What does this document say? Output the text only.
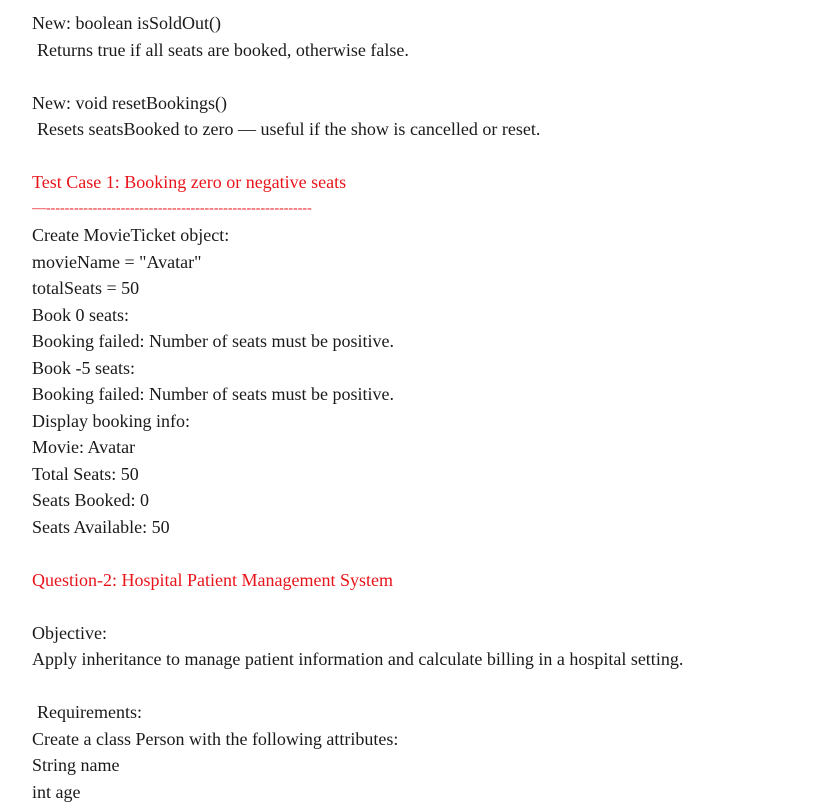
New: boolean isSoldOut()
Returns true if all seats are booked, otherwise false.
New: void resetBookings()
Resets seatsBooked to zero — useful if the show is cancelled or reset.
Test Case 1: Booking zero or negative seats
—---------------------------------------------------------
Create MovieTicket object:
movieName = "Avatar"
totalSeats = 50
Book 0 seats:
Booking failed: Number of seats must be positive.
Book -5 seats:
Booking failed: Number of seats must be positive.
Display booking info:
Movie: Avatar
Total Seats: 50
Seats Booked: 0
Seats Available: 50
Question-2: Hospital Patient Management System
Objective:
Apply inheritance to manage patient information and calculate billing in a hospital setting.
Requirements:
Create a class Person with the following attributes:
String name
int age
